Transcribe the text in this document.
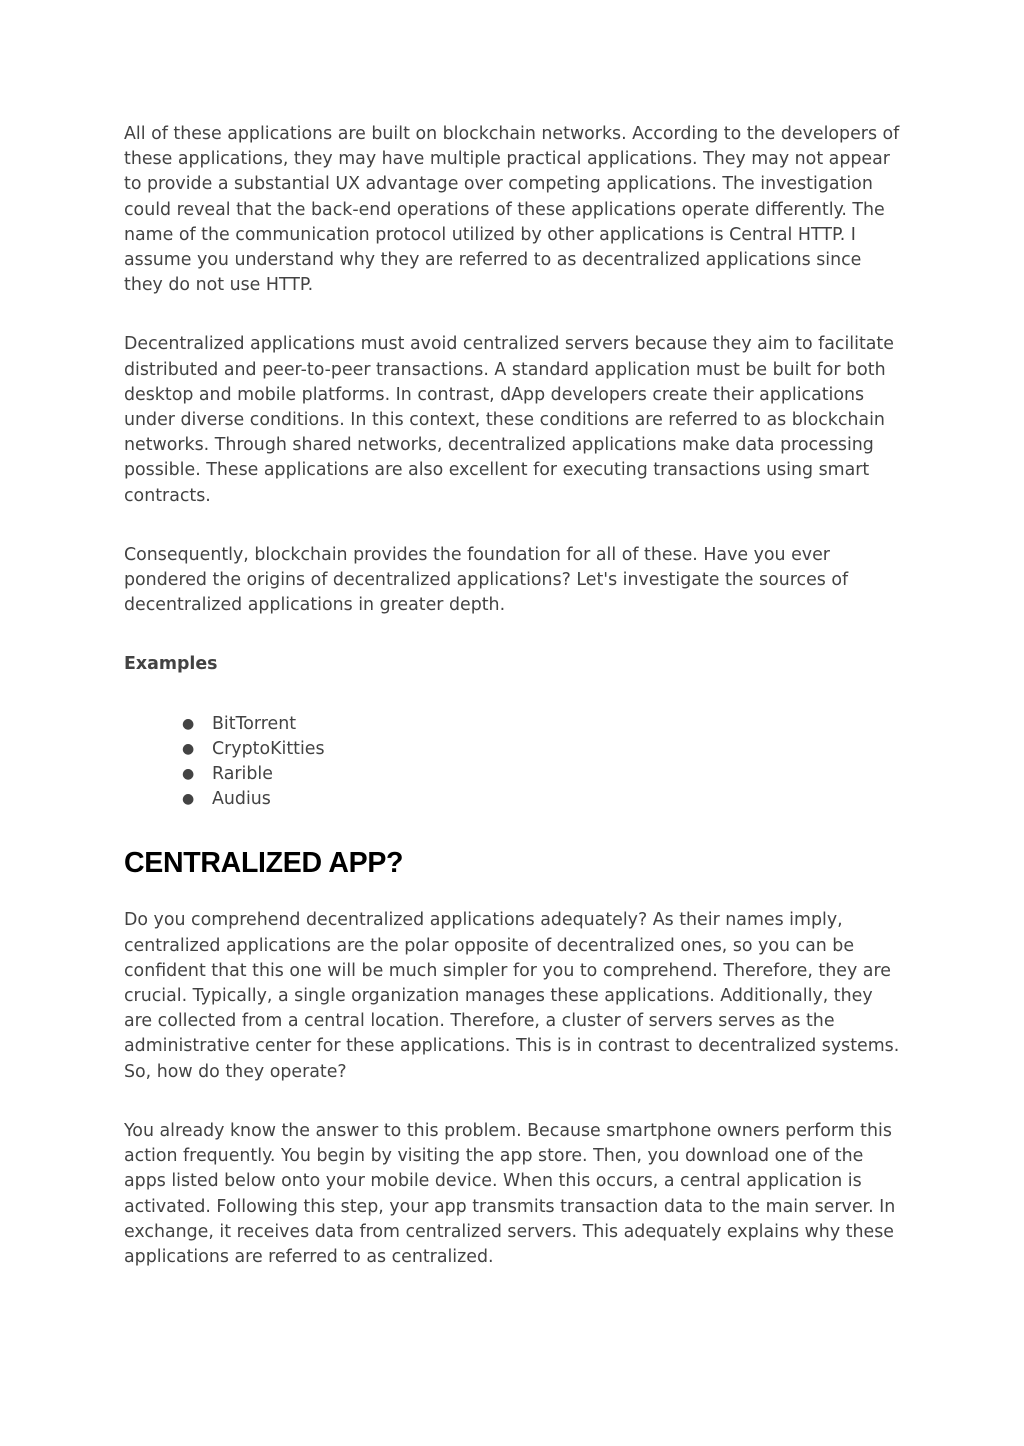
All of these applications are built on blockchain networks. According to the developers of these applications, they may have multiple practical applications. They may not appear to provide a substantial UX advantage over competing applications. The investigation could reveal that the back-end operations of these applications operate differently. The name of the communication protocol utilized by other applications is Central HTTP. I assume you understand why they are referred to as decentralized applications since they do not use HTTP.

Decentralized applications must avoid centralized servers because they aim to facilitate distributed and peer-to-peer transactions. A standard application must be built for both desktop and mobile platforms. In contrast, dApp developers create their applications under diverse conditions. In this context, these conditions are referred to as blockchain networks. Through shared networks, decentralized applications make data processing possible. These applications are also excellent for executing transactions using smart contracts.

Consequently, blockchain provides the foundation for all of these. Have you ever pondered the origins of decentralized applications? Let's investigate the sources of decentralized applications in greater depth.

Examples

● BitTorrent
● CryptoKitties
● Rarible
● Audius
CENTRALIZED APP?

Do you comprehend decentralized applications adequately? As their names imply, centralized applications are the polar opposite of decentralized ones, so you can be confident that this one will be much simpler for you to comprehend. Therefore, they are crucial. Typically, a single organization manages these applications. Additionally, they are collected from a central location. Therefore, a cluster of servers serves as the administrative center for these applications. This is in contrast to decentralized systems. So, how do they operate?

You already know the answer to this problem. Because smartphone owners perform this action frequently. You begin by visiting the app store. Then, you download one of the apps listed below onto your mobile device. When this occurs, a central application is activated. Following this step, your app transmits transaction data to the main server. In exchange, it receives data from centralized servers. This adequately explains why these applications are referred to as centralized.
